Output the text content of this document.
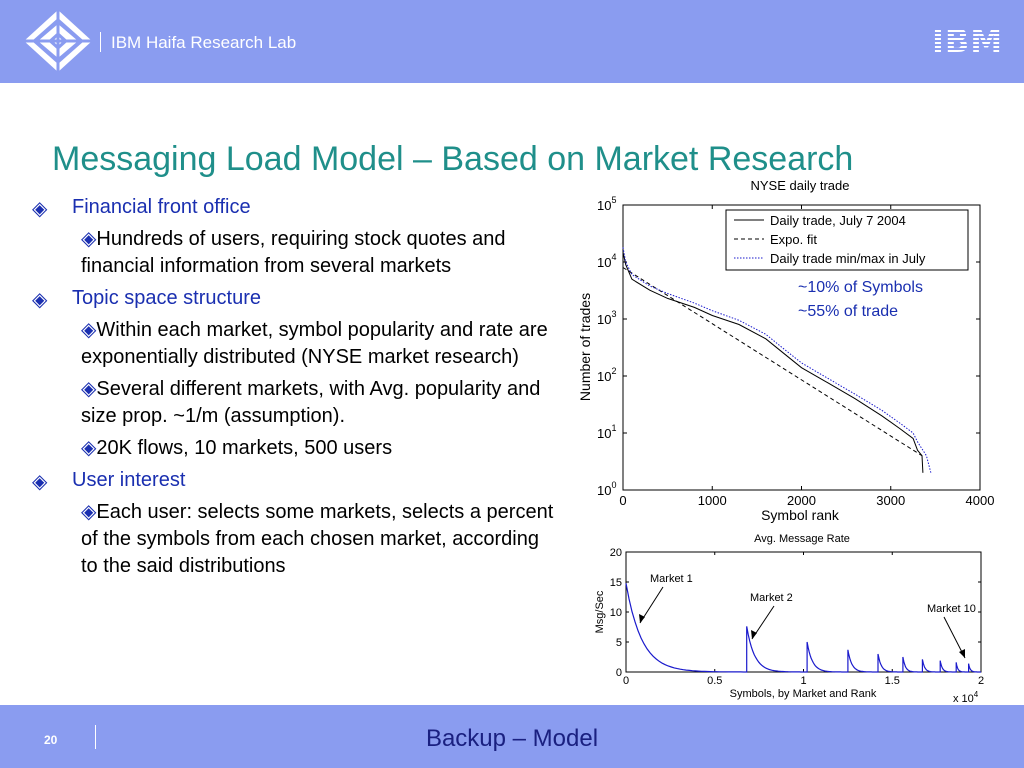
IBM Haifa Research Lab	IBM
Messaging Load Model – Based on Market Research
◈ Financial front office
◈Hundreds of users, requiring stock quotes and financial information from several markets
◈ Topic space structure
◈Within each market, symbol popularity and rate are exponentially distributed (NYSE market research)
◈Several different markets, with Avg. popularity and size prop. ~1/m (assumption).
◈20K flows, 10 markets, 500 users
◈ User interest
◈Each user: selects some markets, selects a percent of the symbols from each chosen market, according to the said distributions
NYSE daily trade
0	1000	2000	3000	4000
$10^5$
$10^4$
$10^3$
$10^2$
$10^1$
$10^0$
Symbol rank
Number of trades
Daily trade, July 7 2004
Expo. fit
Daily trade min/max in July
~10% of Symbols
~55% of trade
Avg. Message Rate
0	0.5	1	1.5	2
0
5
10
15
20
Symbols, by Market and Rank
Msg/Sec
x $10^4$
Market 1
Market 2
Market 10
20	Backup – Model
